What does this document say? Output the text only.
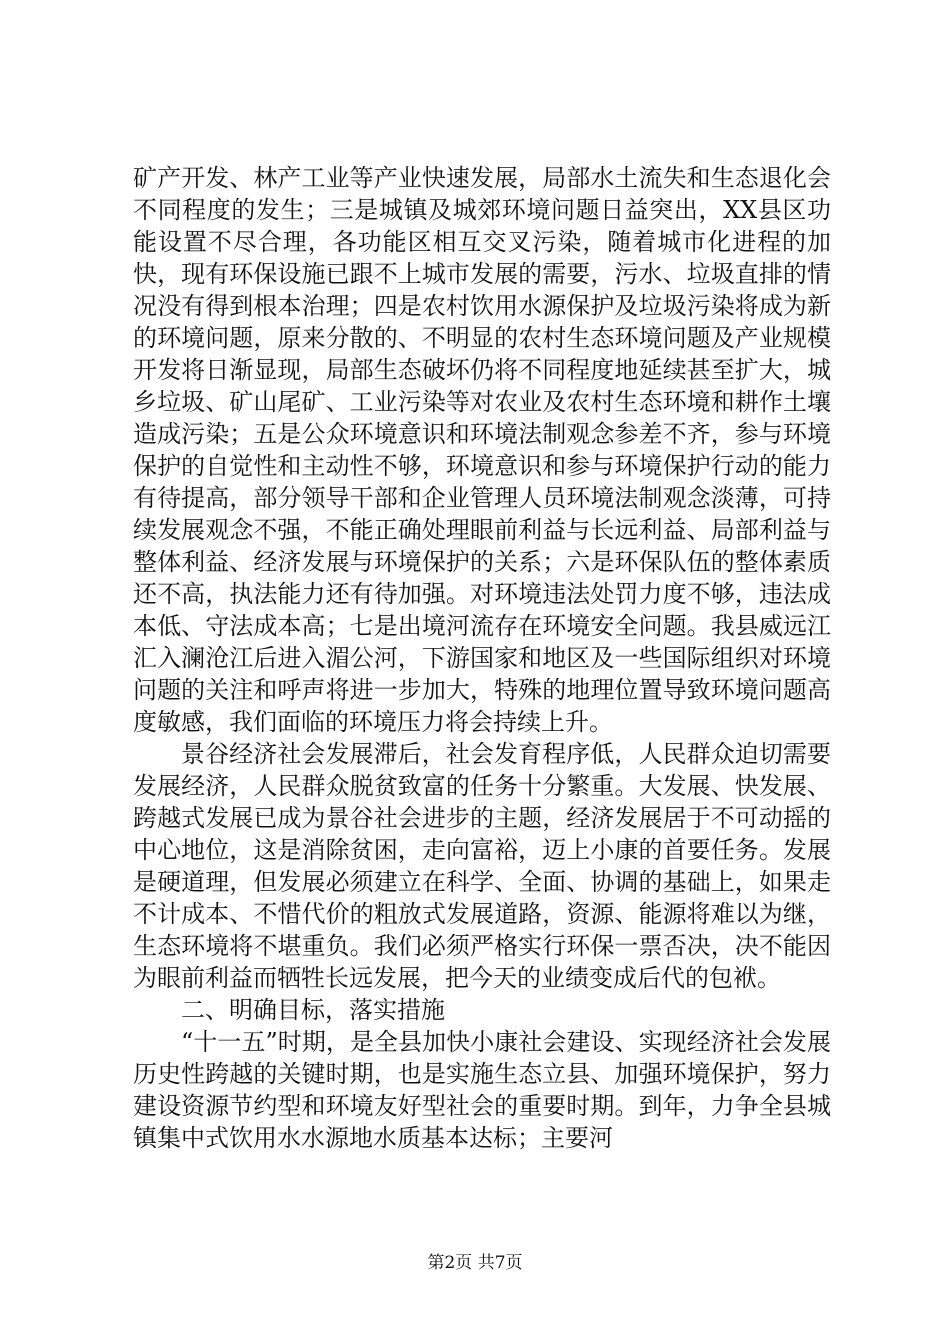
矿产开发、林产工业等产业快速发展，局部水土流失和生态退化会不同程度的发生；三是城镇及城郊环境问题日益突出，XX县区功能设置不尽合理，各功能区相互交叉污染，随着城市化进程的加快，现有环保设施已跟不上城市发展的需要，污水、垃圾直排的情况没有得到根本治理；四是农村饮用水源保护及垃圾污染将成为新的环境问题，原来分散的、不明显的农村生态环境问题及产业规模开发将日渐显现，局部生态破坏仍将不同程度地延续甚至扩大，城乡垃圾、矿山尾矿、工业污染等对农业及农村生态环境和耕作土壤造成污染；五是公众环境意识和环境法制观念参差不齐，参与环境保护的自觉性和主动性不够，环境意识和参与环境保护行动的能力有待提高，部分领导干部和企业管理人员环境法制观念淡薄，可持续发展观念不强，不能正确处理眼前利益与长远利益、局部利益与整体利益、经济发展与环境保护的关系；六是环保队伍的整体素质还不高，执法能力还有待加强。对环境违法处罚力度不够，违法成本低、守法成本高；七是出境河流存在环境安全问题。我县威远江汇入澜沧江后进入湄公河，下游国家和地区及一些国际组织对环境问题的关注和呼声将进一步加大，特殊的地理位置导致环境问题高度敏感，我们面临的环境压力将会持续上升。

景谷经济社会发展滞后，社会发育程序低，人民群众迫切需要发展经济，人民群众脱贫致富的任务十分繁重。大发展、快发展、跨越式发展已成为景谷社会进步的主题，经济发展居于不可动摇的中心地位，这是消除贫困，走向富裕，迈上小康的首要任务。发展是硬道理，但发展必须建立在科学、全面、协调的基础上，如果走不计成本、不惜代价的粗放式发展道路，资源、能源将难以为继，生态环境将不堪重负。我们必须严格实行环保一票否决，决不能因为眼前利益而牺牲长远发展，把今天的业绩变成后代的包袱。

二、明确目标，落实措施

“十一五”时期，是全县加快小康社会建设、实现经济社会发展历史性跨越的关键时期，也是实施生态立县、加强环境保护，努力建设资源节约型和环境友好型社会的重要时期。到年，力争全县城镇集中式饮用水水源地水质基本达标；主要河

第2页 共7页
